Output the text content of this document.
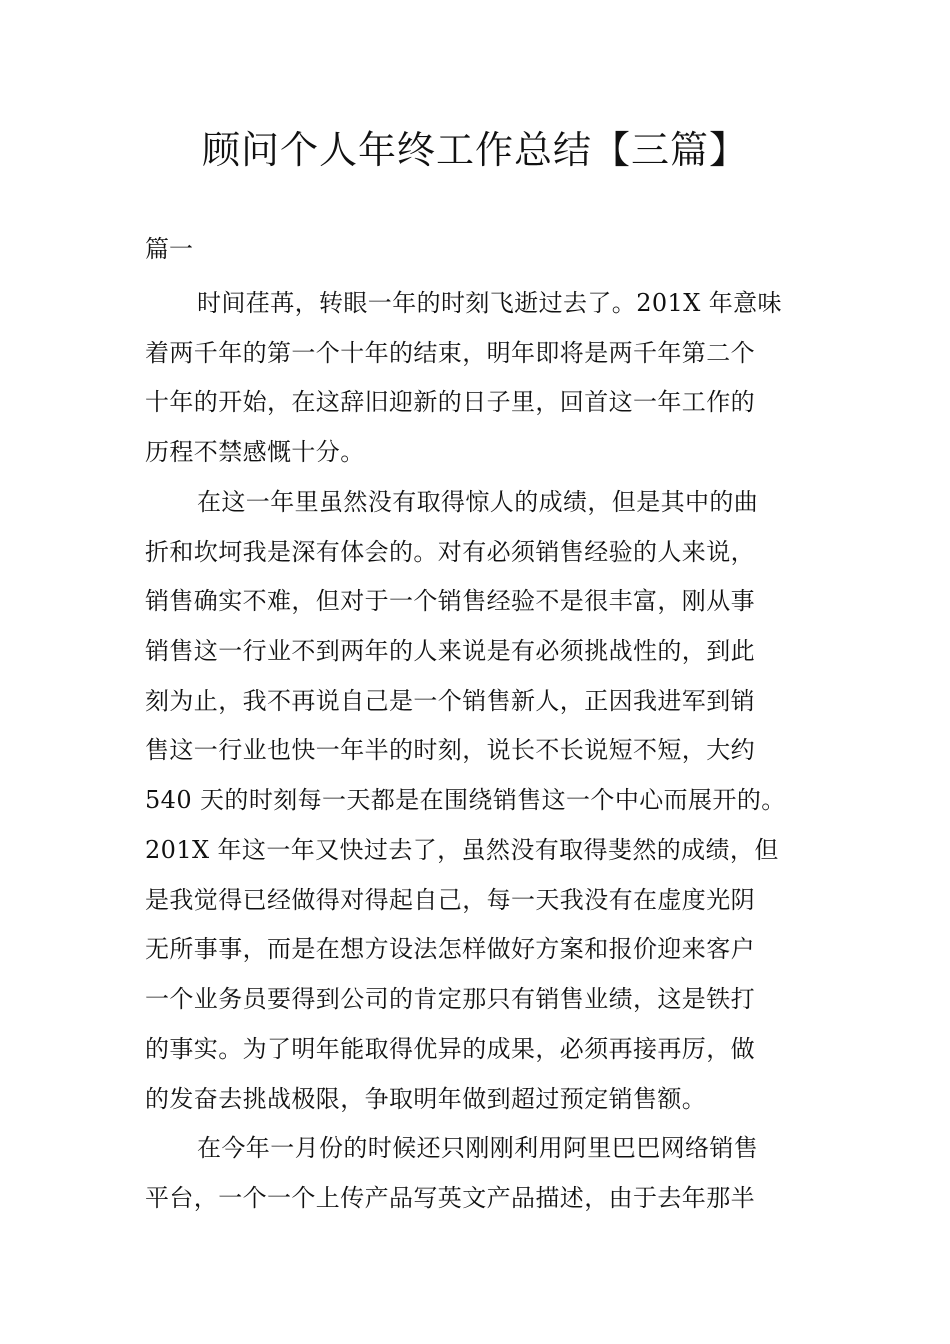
顾问个人年终工作总结【三篇】
篇一
时间荏苒，转眼一年的时刻飞逝过去了。201X 年意味
着两千年的第一个十年的结束，明年即将是两千年第二个
十年的开始，在这辞旧迎新的日子里，回首这一年工作的
历程不禁感慨十分。
在这一年里虽然没有取得惊人的成绩，但是其中的曲
折和坎坷我是深有体会的。对有必须销售经验的人来说，
销售确实不难，但对于一个销售经验不是很丰富，刚从事
销售这一行业不到两年的人来说是有必须挑战性的，到此
刻为止，我不再说自己是一个销售新人，正因我进军到销
售这一行业也快一年半的时刻，说长不长说短不短，大约
540 天的时刻每一天都是在围绕销售这一个中心而展开的。
201X 年这一年又快过去了，虽然没有取得斐然的成绩，但
是我觉得已经做得对得起自己，每一天我没有在虚度光阴
无所事事，而是在想方设法怎样做好方案和报价迎来客户
一个业务员要得到公司的肯定那只有销售业绩，这是铁打
的事实。为了明年能取得优异的成果，必须再接再厉，做
的发奋去挑战极限，争取明年做到超过预定销售额。
在今年一月份的时候还只刚刚利用阿里巴巴网络销售
平台，一个一个上传产品写英文产品描述，由于去年那半
